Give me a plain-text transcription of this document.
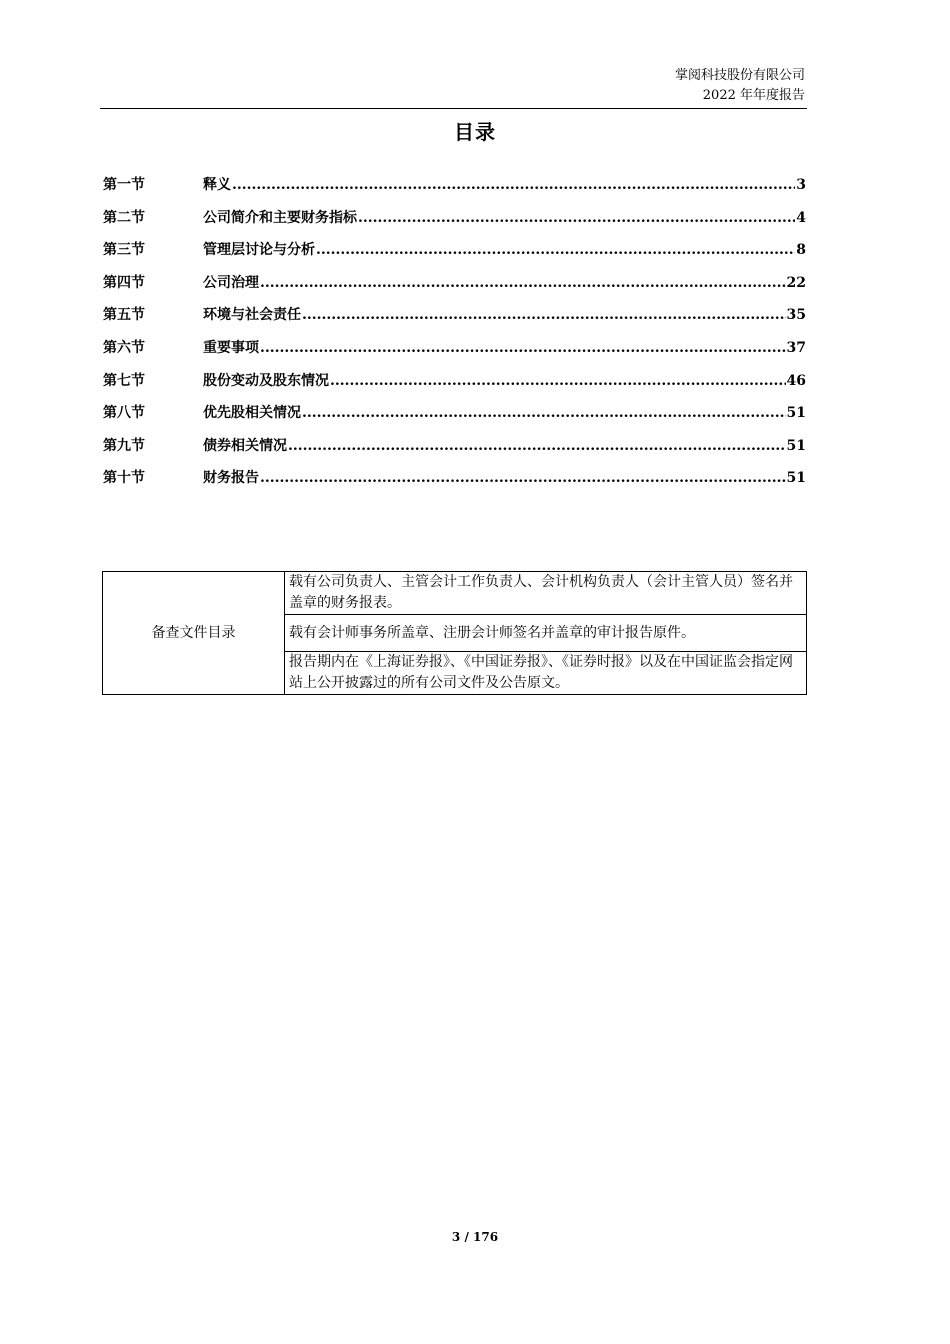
掌阅科技股份有限公司
2022 年年度报告
目录
第一节	释义 .....	3
第二节	公司简介和主要财务指标 .....	4
第三节	管理层讨论与分析 .....	8
第四节	公司治理 .....	22
第五节	环境与社会责任 .....	35
第六节	重要事项 .....	37
第七节	股份变动及股东情况 .....	46
第八节	优先股相关情况 .....	51
第九节	债券相关情况 .....	51
第十节	财务报告 .....	51
备查文件目录	载有公司负责人、主管会计工作负责人、会计机构负责人（会计主管人员）签名并盖章的财务报表。
载有会计师事务所盖章、注册会计师签名并盖章的审计报告原件。
报告期内在《上海证券报》、《中国证券报》、《证券时报》以及在中国证监会指定网站上公开披露过的所有公司文件及公告原文。
3 / 176
